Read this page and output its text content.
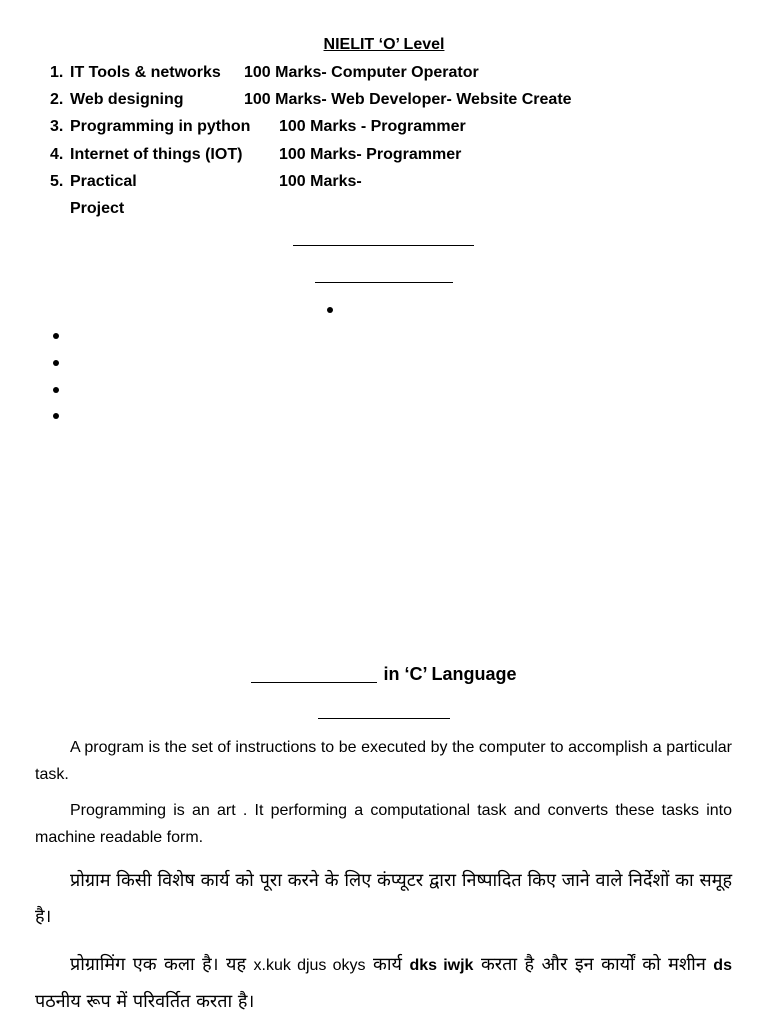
NIELIT ‘O’ Level
1. IT Tools & networks 100 Marks- Computer Operator
2. Web designing	100 Marks- Web Developer- Website Create
3. Programming in python 100 Marks - Programmer
4. Internet of things (IOT) 100 Marks- Programmer
5. Practical	100 Marks-
Project
in ‘C’ Language
A program is the set of instructions to be executed by the computer to accomplish a particular task.
Programming is an art . It performing a computational task and converts these tasks into machine readable form.
प्रोग्राम किसी विशेष कार्य को पूरा करने के लिए कंप्यूटर द्वारा निष्पादित किए जाने वाले निर्देशों का समूह है।
प्रोग्रामिंग एक कला है। यह x.kuk djus okys कार्य dks iwjk करता है और इन कार्यों को मशीन ds पठनीय रूप में परिवर्तित करता है।
